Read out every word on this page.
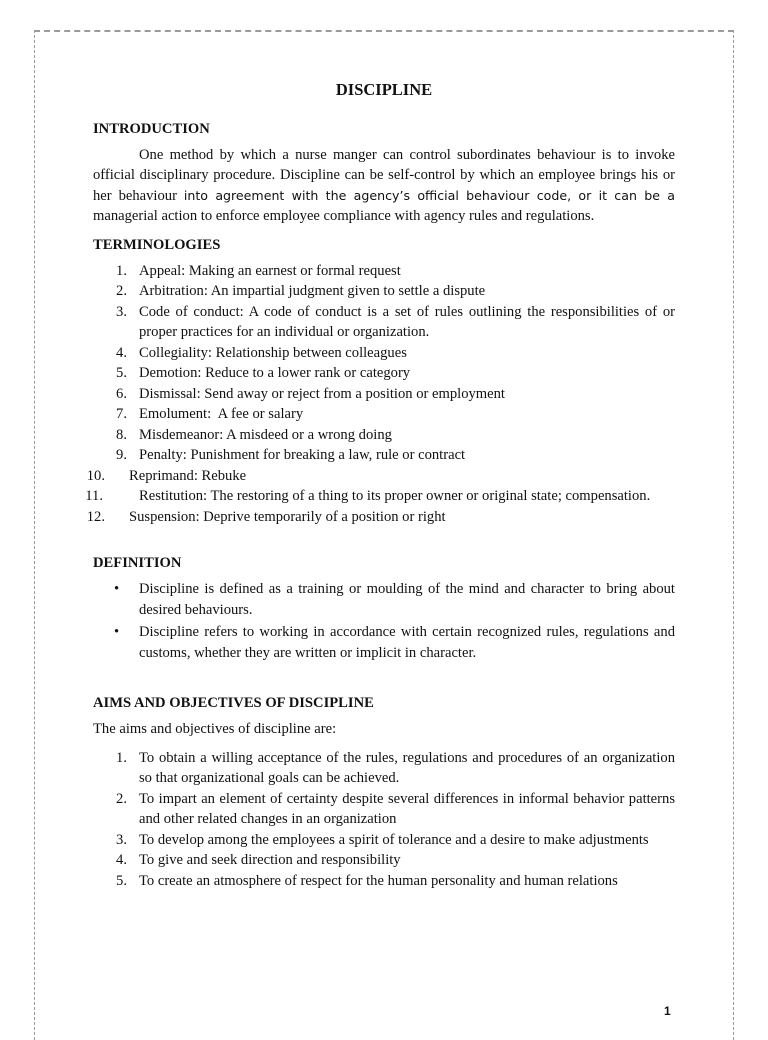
DISCIPLINE
INTRODUCTION

One method by which a nurse manger can control subordinates behaviour is to invoke official disciplinary procedure. Discipline can be self-control by which an employee brings his or her behaviour into agreement with the agency’s official behaviour code, or it can be a managerial action to enforce employee compliance with agency rules and regulations.

TERMINOLOGIES
1. Appeal: Making an earnest or formal request
2. Arbitration: An impartial judgment given to settle a dispute
3. Code of conduct: A code of conduct is a set of rules outlining the responsibilities of or proper practices for an individual or organization.
4. Collegiality: Relationship between colleagues
5. Demotion: Reduce to a lower rank or category
6. Dismissal: Send away or reject from a position or employment
7. Emolument:  A fee or salary
8. Misdemeanor: A misdeed or a wrong doing
9. Penalty: Punishment for breaking a law, rule or contract
10. Reprimand: Rebuke
11. Restitution: The restoring of a thing to its proper owner or original state; compensation.
12. Suspension: Deprive temporarily of a position or right
DEFINITION
• Discipline is defined as a training or moulding of the mind and character to bring about desired behaviours.
• Discipline refers to working in accordance with certain recognized rules, regulations and customs, whether they are written or implicit in character.
AIMS AND OBJECTIVES OF DISCIPLINE

The aims and objectives of discipline are:

1. To obtain a willing acceptance of the rules, regulations and procedures of an organization so that organizational goals can be achieved.
2. To impart an element of certainty despite several differences in informal behavior patterns and other related changes in an organization
3. To develop among the employees a spirit of tolerance and a desire to make adjustments
4. To give and seek direction and responsibility
5. To create an atmosphere of respect for the human personality and human relations
1
